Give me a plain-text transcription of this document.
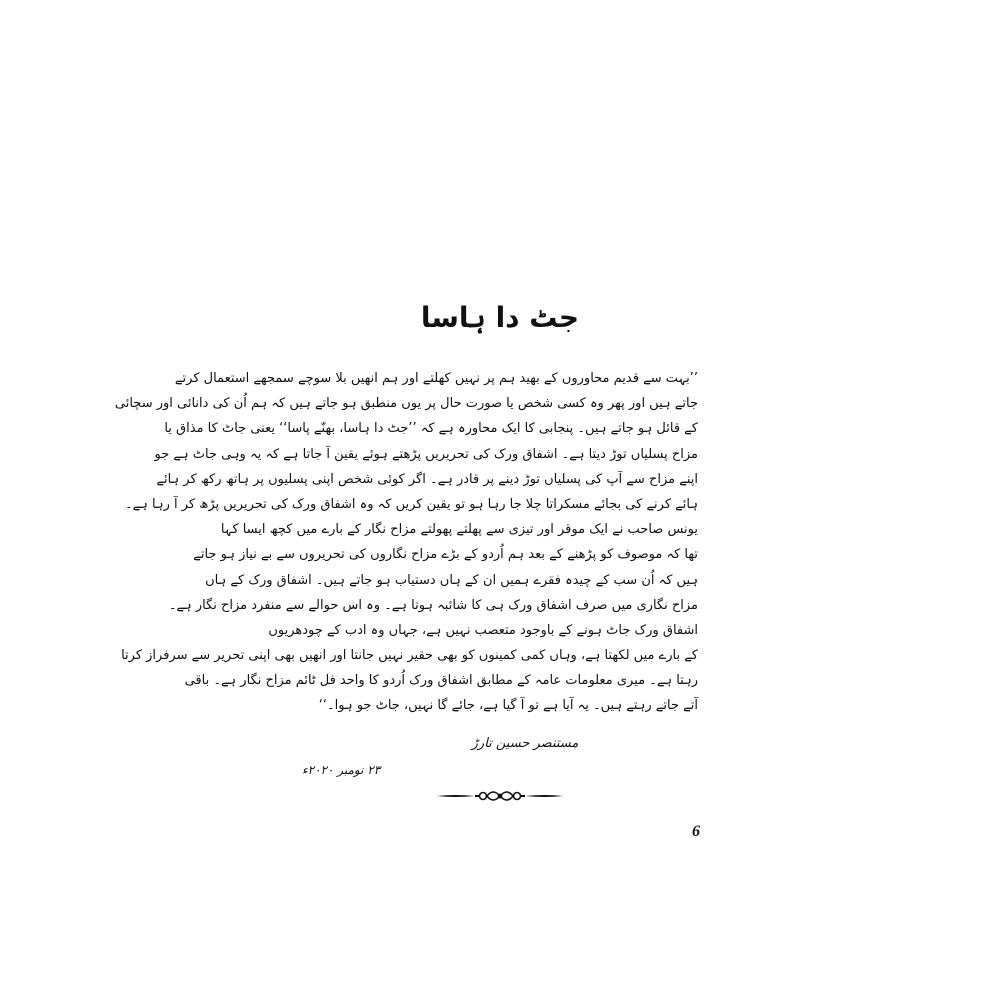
جٹ دا ہاسا
’’بہت سے قدیم محاوروں کے بھید ہم پر نہیں کھلتے اور ہم انھیں بلا سوچے سمجھے استعمال کرتے
جاتے ہیں اور پھر وہ کسی شخص یا صورت حال پر یوں منطبق ہو جاتے ہیں کہ ہم اُن کی دانائی اور سچائی
کے قائل ہو جاتے ہیں۔ پنجابی کا ایک محاورہ ہے کہ ’’جٹ دا ہاسا، بھنّے پاسا‘‘ یعنی جاٹ کا مذاق یا
مزاح پسلیاں توڑ دیتا ہے۔ اشفاق ورک کی تحریریں پڑھتے ہوئے یقین آ جاتا ہے کہ یہ وہی جاٹ ہے جو
اپنے مزاح سے آپ کی پسلیاں توڑ دینے پر قادر ہے۔ اگر کوئی شخص اپنی پسلیوں پر ہاتھ رکھ کر ہائے
ہائے کرنے کی بجائے مسکراتا چلا جا رہا ہو تو یقین کریں کہ وہ اشفاق ورک کی تحریریں پڑھ کر آ رہا ہے۔
یونس صاحب نے ایک موقر اور تیزی سے پھلتے پھولتے مزاح نگار کے بارے میں کچھ ایسا کہا
تھا کہ موصوف کو پڑھنے کے بعد ہم اُردو کے بڑے مزاح نگاروں کی تحریروں سے بے نیاز ہو جاتے
ہیں کہ اُن سب کے چیدہ فقرے ہمیں ان کے ہاں دستیاب ہو جاتے ہیں۔ اشفاق ورک کے ہاں
مزاح نگاری میں صرف اشفاق ورک ہی کا شائبہ ہوتا ہے۔ وہ اس حوالے سے منفرد مزاح نگار ہے۔
اشفاق ورک جاٹ ہونے کے باوجود متعصب نہیں ہے، جہاں وہ ادب کے چودھریوں
کے بارے میں لکھتا ہے، وہاں کمی کمینوں کو بھی حقیر نہیں جانتا اور انھیں بھی اپنی تحریر سے سرفراز کرتا
رہتا ہے۔ میری معلومات عامہ کے مطابق اشفاق ورک اُردو کا واحد فل ٹائم مزاح نگار ہے۔ باقی
آتے جاتے رہتے ہیں۔ یہ آیا ہے تو آ گیا ہے، جائے گا نہیں، جاٹ جو ہوا۔‘‘
مستنصر حسین تارڑ
۲۳ نومبر ۲۰۲۰ء
6
